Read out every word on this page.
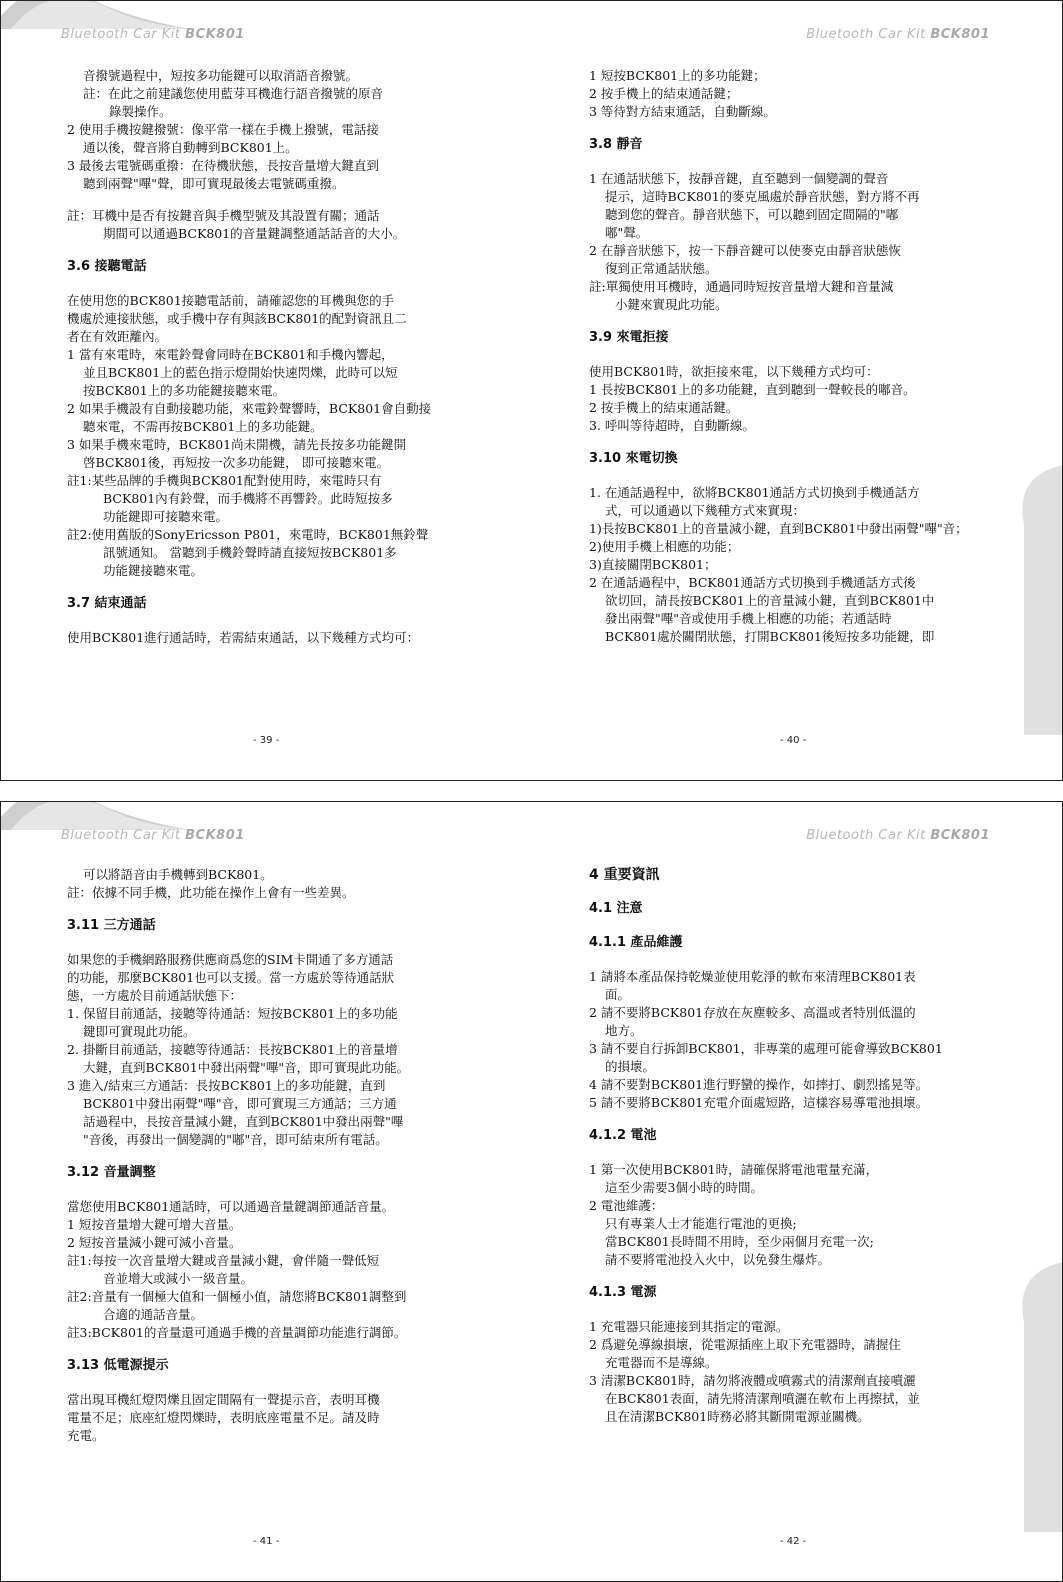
Bluetooth Car Kit BCK801	Bluetooth Car Kit BCK801
音撥號過程中，短按多功能鍵可以取消語音撥號。
註：在此之前建議您使用藍芽耳機進行語音撥號的原音
錄製操作。
2 使用手機按鍵撥號：像平常一樣在手機上撥號，電話接
通以後，聲音將自動轉到BCK801上。
3 最後去電號碼重撥：在待機狀態，長按音量增大鍵直到
聽到兩聲"嗶"聲，即可實現最後去電號碼重撥。
註：耳機中是否有按鍵音與手機型號及其設置有關；通話
期間可以通過BCK801的音量鍵調整通話話音的大小。
3.6 接聽電話
在使用您的BCK801接聽電話前，請確認您的耳機與您的手
機處於連接狀態，或手機中存有與該BCK801的配對資訊且二
者在有效距離內。
1 當有來電時，來電鈴聲會同時在BCK801和手機內響起，
並且BCK801上的藍色指示燈開始快速閃爍，此時可以短
按BCK801上的多功能鍵接聽來電。
2 如果手機設有自動接聽功能，來電鈴聲響時，BCK801會自動接
聽來電，不需再按BCK801上的多功能鍵。
3 如果手機來電時，BCK801尚未開機，請先長按多功能鍵開
啓BCK801後，再短按一次多功能鍵， 即可接聽來電。
註1:某些品牌的手機與BCK801配對使用時，來電時只有
BCK801內有鈴聲，而手機將不再響鈴。此時短按多
功能鍵即可接聽來電。
註2:使用舊版的SonyEricsson P801，來電時，BCK801無鈴聲
訊號通知。 當聽到手機鈴聲時請直接短按BCK801多
功能鍵接聽來電。
3.7 結束通話
使用BCK801進行通話時，若需結束通話，以下幾種方式均可：
1 短按BCK801上的多功能鍵；
2 按手機上的結束通話鍵；
3 等待對方結束通話，自動斷線。
3.8 靜音
1 在通話狀態下，按靜音鍵，直至聽到一個變調的聲音
提示，這時BCK801的麥克風處於靜音狀態，對方將不再
聽到您的聲音。靜音狀態下，可以聽到固定間隔的"嘟
嘟"聲。
2 在靜音狀態下，按一下靜音鍵可以使麥克由靜音狀態恢
復到正常通話狀態。
註:單獨使用耳機時，通過同時短按音量增大鍵和音量減
小鍵來實現此功能。
3.9 來電拒接
使用BCK801時，欲拒接來電，以下幾種方式均可：
1 長按BCK801上的多功能鍵，直到聽到一聲較長的嘟音。
2 按手機上的結束通話鍵。
3. 呼叫等待超時，自動斷線。
3.10 來電切換
1. 在通話過程中，欲將BCK801通話方式切換到手機通話方
式，可以通過以下幾種方式來實現：
1)長按BCK801上的音量減小鍵，直到BCK801中發出兩聲"嗶"音；
2)使用手機上相應的功能；
3)直接關閉BCK801；
2 在通話過程中，BCK801通話方式切換到手機通話方式後
欲切回，請長按BCK801上的音量減小鍵，直到BCK801中
發出兩聲"嗶"音或使用手機上相應的功能；若通話時
BCK801處於關閉狀態，打開BCK801後短按多功能鍵，即
- 39 -	- 40 -
Bluetooth Car Kit BCK801	Bluetooth Car Kit BCK801
可以將語音由手機轉到BCK801。
註：依據不同手機，此功能在操作上會有一些差異。
3.11 三方通話
如果您的手機網路服務供應商爲您的SIM卡開通了多方通話
的功能，那麼BCK801也可以支援。當一方處於等待通話狀
態，一方處於目前通話狀態下：
1. 保留目前通話，接聽等待通話：短按BCK801上的多功能
鍵即可實現此功能。
2. 掛斷目前通話，接聽等待通話：長按BCK801上的音量增
大鍵，直到BCK801中發出兩聲"嗶"音，即可實現此功能。
3 進入/結束三方通話：長按BCK801上的多功能鍵，直到
BCK801中發出兩聲"嗶"音，即可實現三方通話；三方通
話過程中，長按音量減小鍵，直到BCK801中發出兩聲"嗶
"音後，再發出一個變調的"嘟"音，即可結束所有電話。
3.12 音量調整
當您使用BCK801通話時，可以通過音量鍵調節通話音量。
1 短按音量增大鍵可增大音量。
2 短按音量減小鍵可減小音量。
註1:每按一次音量增大鍵或音量減小鍵，會伴隨一聲低短
音並增大或減小一級音量。
註2:音量有一個極大值和一個極小值，請您將BCK801調整到
合適的通話音量。
註3:BCK801的音量還可通過手機的音量調節功能進行調節。
3.13 低電源提示
當出現耳機紅燈閃爍且固定間隔有一聲提示音，表明耳機
電量不足；底座紅燈閃爍時，表明底座電量不足。請及時
充電。
4 重要資訊
4.1 注意
4.1.1 產品維護
1 請將本產品保持乾燥並使用乾淨的軟布來清理BCK801表
面。
2 請不要將BCK801存放在灰塵較多、高溫或者特別低溫的
地方。
3 請不要自行拆卸BCK801，非專業的處理可能會導致BCK801
的損壞。
4 請不要對BCK801進行野蠻的操作，如摔打、劇烈搖晃等。
5 請不要將BCK801充電介面處短路，這樣容易導電池損壞。
4.1.2 電池
1 第一次使用BCK801時，請確保將電池電量充滿，
這至少需要3個小時的時間。
2 電池維護：
只有專業人士才能進行電池的更換;
當BCK801長時間不用時，至少兩個月充電一次;
請不要將電池投入火中，以免發生爆炸。
4.1.3 電源
1 充電器只能連接到其指定的電源。
2 爲避免導線損壞，從電源插座上取下充電器時，請握住
充電器而不是導線。
3 清潔BCK801時，請勿將液體或噴霧式的清潔劑直接噴灑
在BCK801表面，請先將清潔劑噴灑在軟布上再擦拭，並
且在清潔BCK801時務必將其斷開電源並關機。
- 41 -	- 42 -
